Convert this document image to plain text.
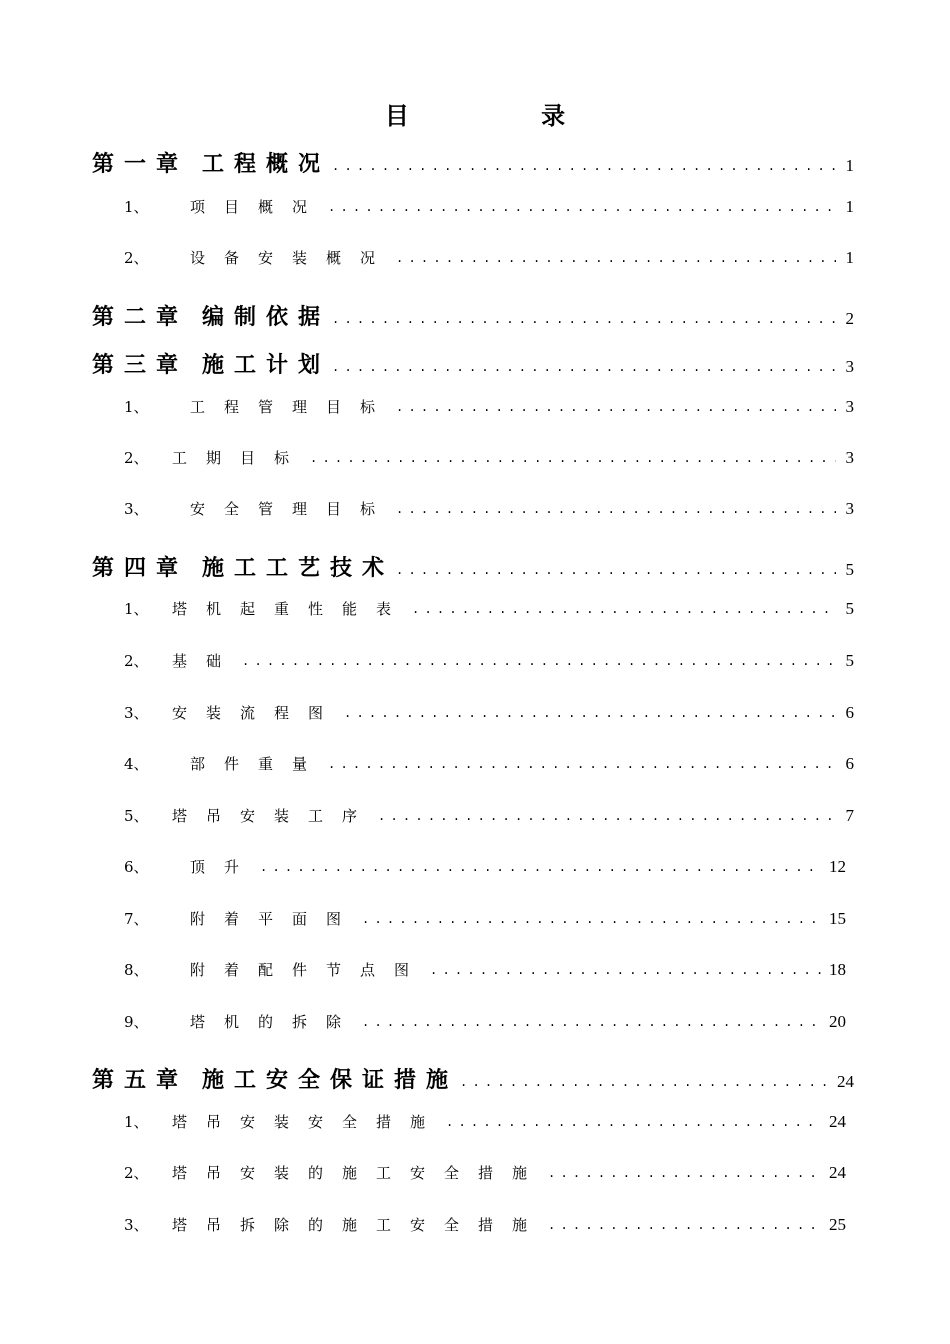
目 录
第一章 工程概况 . . .	1
1、	项目概况 . . .	1
2、	设备安装概况 . . .	1
第二章 编制依据 . . .	2
第三章 施工计划 . . .	3
1、	工程管理目标 . . .	3
2、	工期目标 . . .	3
3、	安全管理目标 . . .	3
第四章 施工工艺技术 . . .	5
1、	塔机起重性能表 . . .	5
2、	基础 . . .	5
3、	安装流程图 . . .	6
4、	部件重量 . . .	6
5、	塔吊安装工序 . . .	7
6、	顶升 . . .	12
7、	附着平面图 . . .	15
8、	附着配件节点图 . . .	18
9、	塔机的拆除 . . .	20
第五章 施工安全保证措施 . . .	24
1、	塔吊安装安全措施 . . .	24
2、	塔吊安装的施工安全措施 . . .	24
3、	塔吊拆除的施工安全措施 . . .	25
